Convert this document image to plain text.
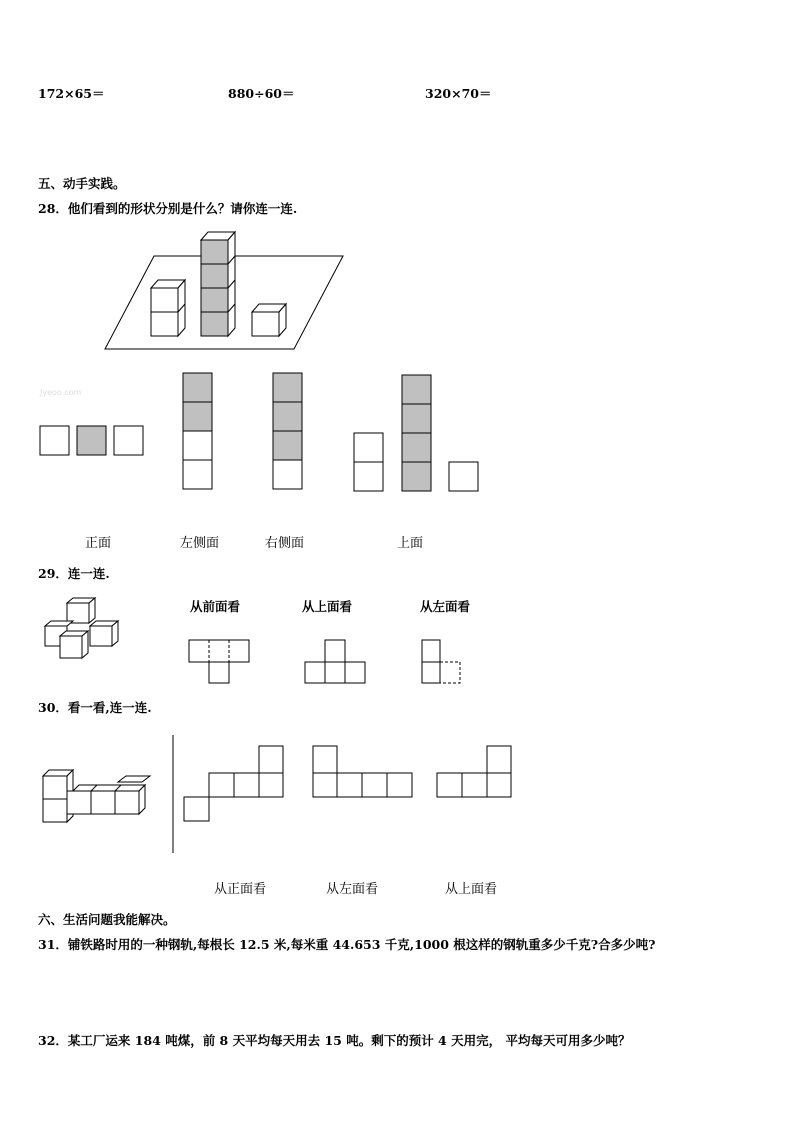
172×65＝	880÷60＝	320×70＝
五、动手实践。
28．他们看到的形状分别是什么？请你连一连.
Jyeoo.com
正面	左侧面	右侧面	上面
29．连一连.
从前面看	从上面看	从左面看
30．看一看,连一连.
从正面看	从左面看	从上面看
六、生活问题我能解决。
31．铺铁路时用的一种钢轨,每根长 12.5 米,每米重 44.653 千克,1000 根这样的钢轨重多少千克?合多少吨?
32．某工厂运来 184 吨煤，前 8 天平均每天用去 15 吨。剩下的预计 4 天用完， 平均每天可用多少吨？
